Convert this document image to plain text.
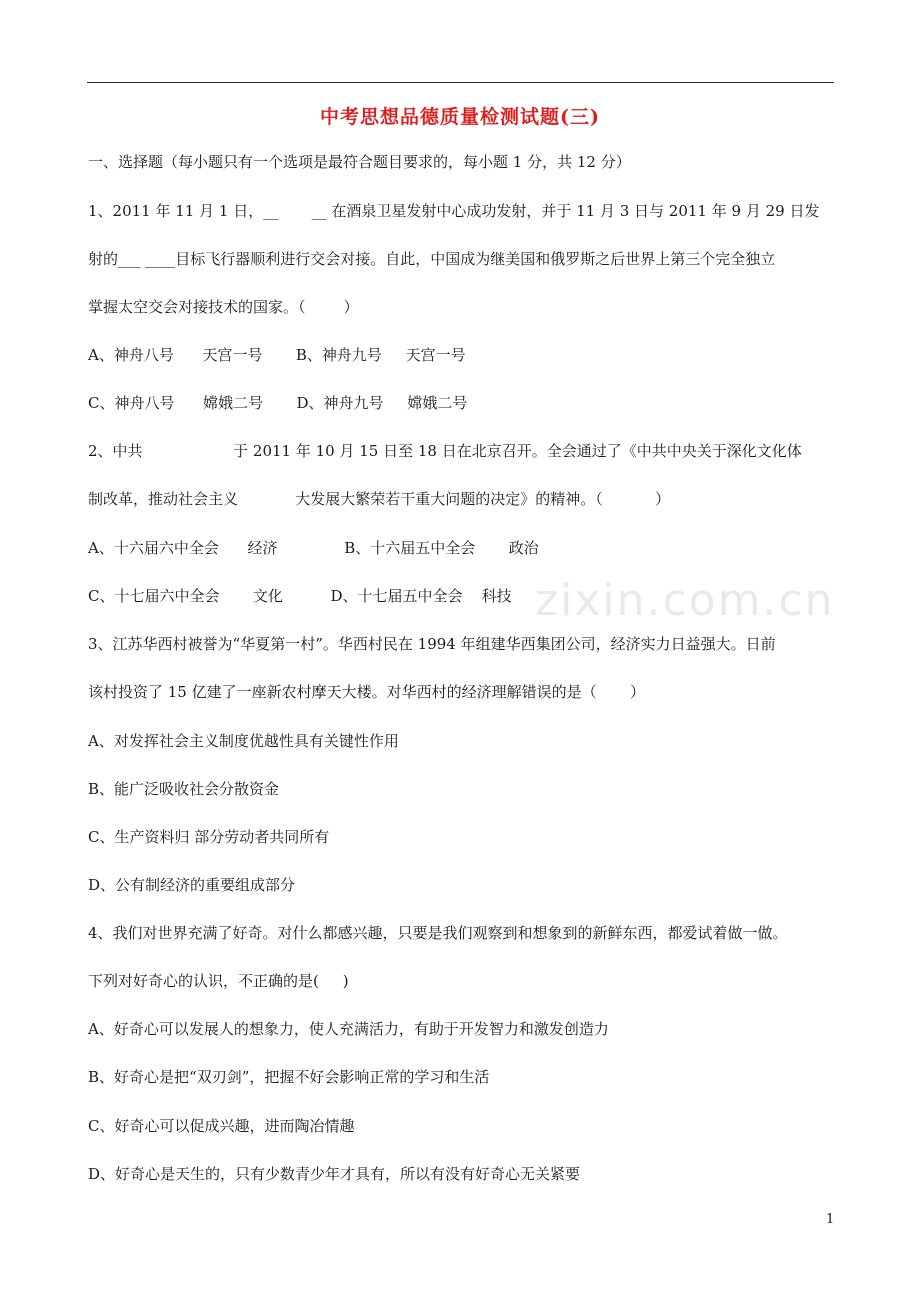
中考思想品德质量检测试题(三)
一、选择题（每小题只有一个选项是最符合题目要求的，每小题 1 分，共 12 分）
1、2011 年 11 月 1 日，__       __ 在酒泉卫星发射中心成功发射，并于 11 月 3 日与 2011 年 9 月 29 日发
射的___ ____目标飞行器顺利进行交会对接。自此，中国成为继美国和俄罗斯之后世界上第三个完全独立
掌握太空交会对接技术的国家。（        ）
A、神舟八号      天宫一号       B、神舟九号     天宫一号
C、神舟八号      嫦娥二号       D、神舟九号     嫦娥二号
2、中共                   于 2011 年 10 月 15 日至 18 日在北京召开。全会通过了《中共中央关于深化文化体
制改革，推动社会主义            大发展大繁荣若干重大问题的决定》的精神。（           ）
A、十六届六中全会      经济              B、十六届五中全会       政治
C、十七届六中全会       文化          D、十七届五中全会    科技
3、江苏华西村被誉为“华夏第一村”。华西村民在 1994 年组建华西集团公司，经济实力日益强大。日前
该村投资了 15 亿建了一座新农村摩天大楼。对华西村的经济理解错误的是（       ）
A、对发挥社会主义制度优越性具有关键性作用
B、能广泛吸收社会分散资金
C、生产资料归 部分劳动者共同所有
D、公有制经济的重要组成部分
4、我们对世界充满了好奇。对什么都感兴趣，只要是我们观察到和想象到的新鲜东西，都爱试着做一做。
下列对好奇心的认识，不正确的是(     )
A、好奇心可以发展人的想象力，使人充满活力，有助于开发智力和激发创造力
B、好奇心是把“双刃剑”，把握不好会影响正常的学习和生活
C、好奇心可以促成兴趣，进而陶冶情趣
D、好奇心是天生的，只有少数青少年才具有，所以有没有好奇心无关紧要
1
zixin.com.cn
